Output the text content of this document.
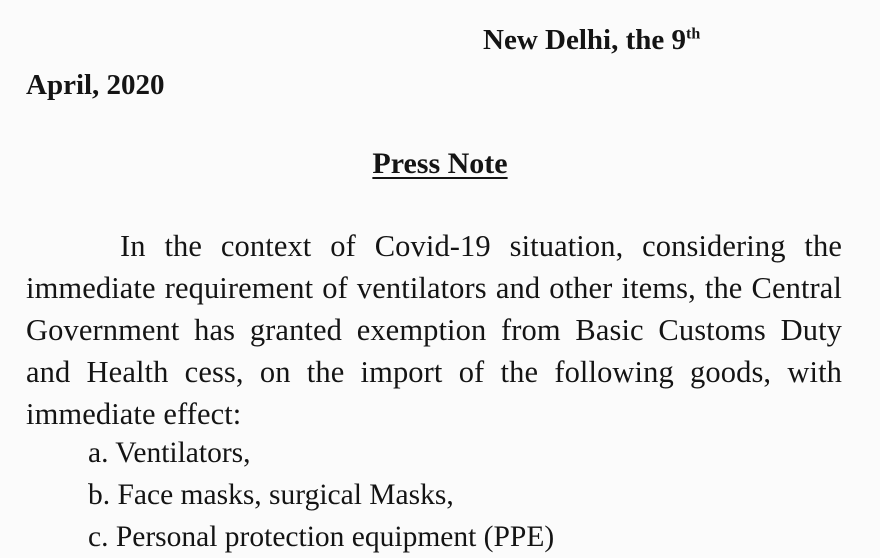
New Delhi, the 9th
April, 2020
Press Note

In the context of Covid-19 situation, considering the immediate requirement of ventilators and other items, the Central Government has granted exemption from Basic Customs Duty and Health cess, on the import of the following goods, with immediate effect:

a. Ventilators,
b. Face masks, surgical Masks,
c. Personal protection equipment (PPE)
